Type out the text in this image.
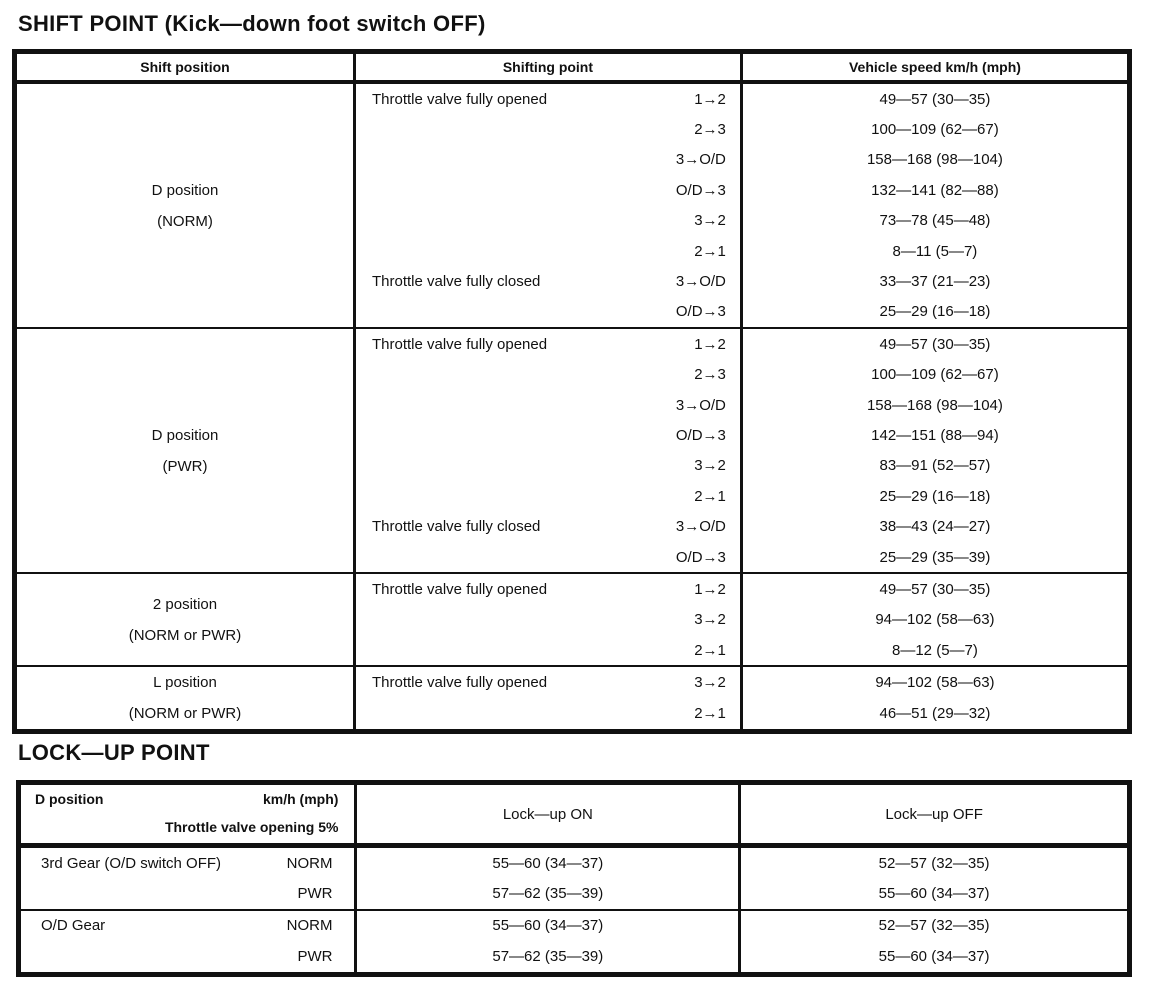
SHIFT POINT (Kick—down foot switch OFF)
Shift position	Shifting point		Vehicle speed km/h (mph)

D position
(NORM)	Throttle valve fully opened	1→2	49—57 (30—35)
		2→3	100—109 (62—67)
		3→O/D	158—168 (98—104)
		O/D→3	132—141 (82—88)
		3→2	73—78 (45—48)
		2→1	8—11 (5—7)
	Throttle valve fully closed	3→O/D	33—37 (21—23)
		O/D→3	25—29 (16—18)

D position
(PWR)	Throttle valve fully opened	1→2	49—57 (30—35)
		2→3	100—109 (62—67)
		3→O/D	158—168 (98—104)
		O/D→3	142—151 (88—94)
		3→2	83—91 (52—57)
		2→1	25—29 (16—18)
	Throttle valve fully closed	3→O/D	38—43 (24—27)
		O/D→3	25—29 (35—39)

2 position
(NORM or PWR)	Throttle valve fully opened	1→2	49—57 (30—35)
		3→2	94—102 (58—63)
		2→1	8—12 (5—7)

L position
(NORM or PWR)	Throttle valve fully opened	3→2	94—102 (58—63)
		2→1	46—51 (29—32)
LOCK—UP POINT
D position km/h (mph)
Throttle valve opening 5%	Lock—up ON	Lock—up OFF

3rd Gear (O/D switch OFF) NORM	55—60 (34—37)	52—57 (32—35)

PWR	57—62 (35—39)	55—60 (34—37)

O/D Gear NORM	55—60 (34—37)	52—57 (32—35)

PWR	57—62 (35—39)	55—60 (34—37)
